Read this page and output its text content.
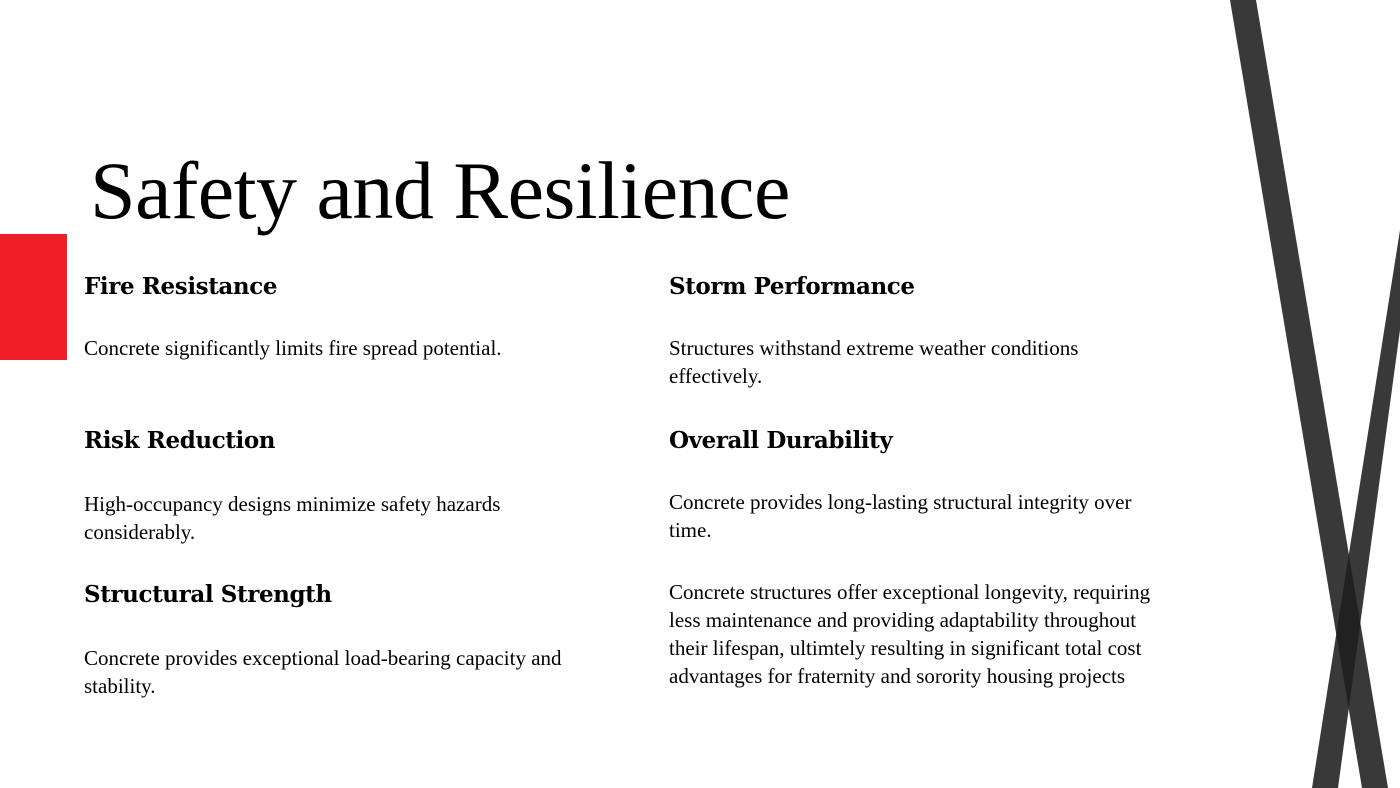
Safety and Resilience
Fire Resistance

Concrete significantly limits fire spread potential.

Risk Reduction

High-occupancy designs minimize safety hazards considerably.

Structural Strength

Concrete provides exceptional load-bearing capacity and stability.

Storm Performance

Structures withstand extreme weather conditions effectively.

Overall Durability

Concrete provides long-lasting structural integrity over time.

Concrete structures offer exceptional longevity, requiring less maintenance and providing adaptability throughout their lifespan, ultimtely resulting in significant total cost advantages for fraternity and sorority housing projects
